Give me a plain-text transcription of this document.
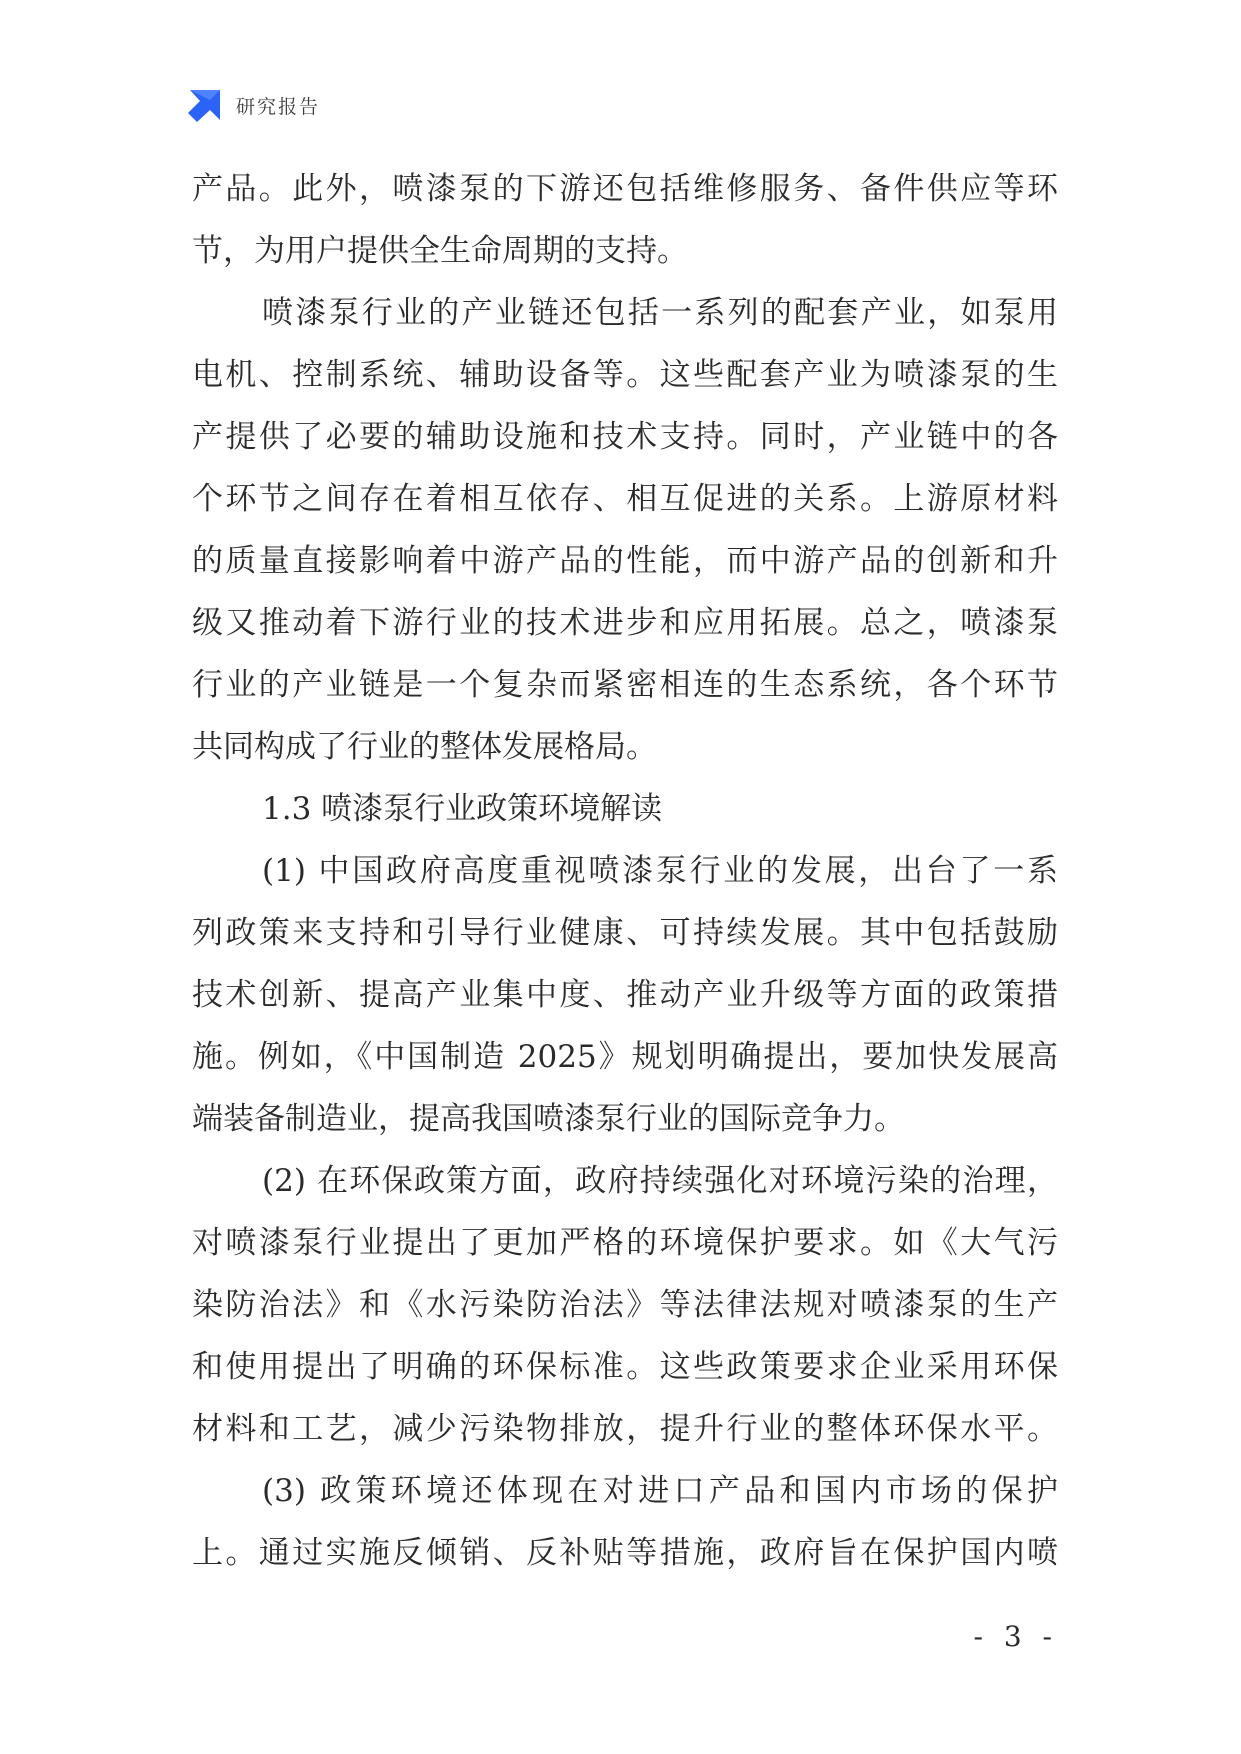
研究报告
产品。此外，喷漆泵的下游还包括维修服务、备件供应等环
节，为用户提供全生命周期的支持。
喷漆泵行业的产业链还包括一系列的配套产业，如泵用
电机、控制系统、辅助设备等。这些配套产业为喷漆泵的生
产提供了必要的辅助设施和技术支持。同时，产业链中的各
个环节之间存在着相互依存、相互促进的关系。上游原材料
的质量直接影响着中游产品的性能，而中游产品的创新和升
级又推动着下游行业的技术进步和应用拓展。总之，喷漆泵
行业的产业链是一个复杂而紧密相连的生态系统，各个环节
共同构成了行业的整体发展格局。
1.3 喷漆泵行业政策环境解读
(1) 中国政府高度重视喷漆泵行业的发展，出台了一系
列政策来支持和引导行业健康、可持续发展。其中包括鼓励
技术创新、提高产业集中度、推动产业升级等方面的政策措
施。例如，《中国制造 2025》规划明确提出，要加快发展高
端装备制造业，提高我国喷漆泵行业的国际竞争力。
(2) 在环保政策方面，政府持续强化对环境污染的治理，
对喷漆泵行业提出了更加严格的环境保护要求。如《大气污
染防治法》和《水污染防治法》等法律法规对喷漆泵的生产
和使用提出了明确的环保标准。这些政策要求企业采用环保
材料和工艺，减少污染物排放，提升行业的整体环保水平。
(3) 政策环境还体现在对进口产品和国内市场的保护
上。通过实施反倾销、反补贴等措施，政府旨在保护国内喷
- 3 -
